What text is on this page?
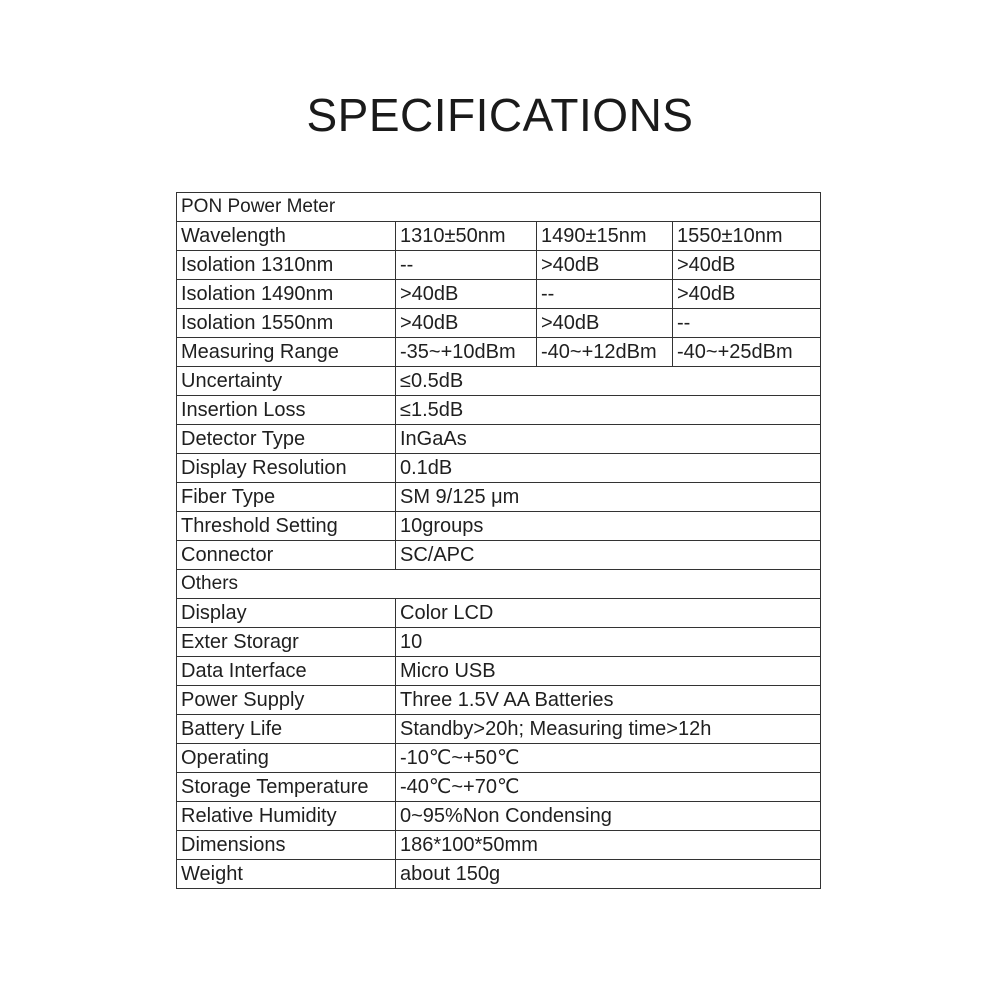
SPECIFICATIONS
PON Power Meter			
Wavelength	1310±50nm	1490±15nm	1550±10nm
Isolation 1310nm	--	>40dB	>40dB
Isolation 1490nm	>40dB	--	>40dB
Isolation 1550nm	>40dB	>40dB	--
Measuring Range	-35~+10dBm	-40~+12dBm	-40~+25dBm
Uncertainty	≤0.5dB		
Insertion Loss	≤1.5dB		
Detector Type	InGaAs		
Display Resolution	0.1dB		
Fiber Type	SM 9/125 μm		
Threshold Setting	10groups		
Connector	SC/APC		
Others			
Display	Color LCD		
Exter Storagr	10		
Data Interface	Micro USB		
Power Supply	Three 1.5V AA Batteries		
Battery Life	Standby>20h; Measuring time>12h		
Operating	-10℃~+50℃		
Storage Temperature	-40℃~+70℃		
Relative Humidity	0~95%Non Condensing		
Dimensions	186*100*50mm		
Weight	about 150g		
